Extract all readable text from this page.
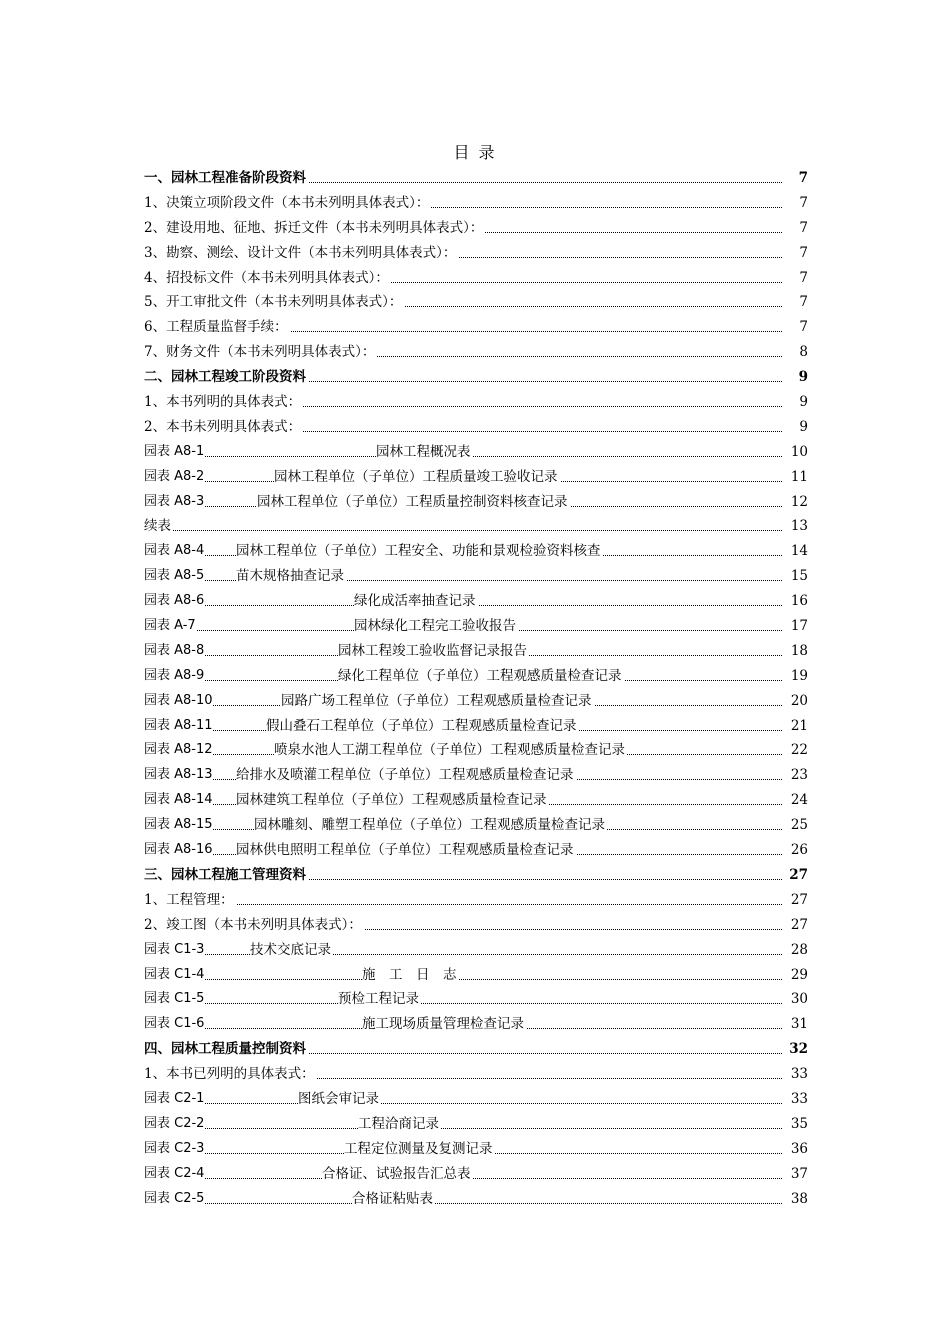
目 录
一、园林工程准备阶段资料	7
1、决策立项阶段文件（本书未列明具体表式）：	7
2、建设用地、征地、拆迁文件（本书未列明具体表式）：	7
3、勘察、测绘、设计文件（本书未列明具体表式）：	7
4、招投标文件（本书未列明具体表式）：	7
5、开工审批文件（本书未列明具体表式）：	7
6、工程质量监督手续：	7
7、财务文件（本书未列明具体表式）：	8
二、园林工程竣工阶段资料	9
1、本书列明的具体表式：	9
2、本书未列明具体表式：	9
园表 A8-1	园林工程概况表	10
园表 A8-2	园林工程单位（子单位）工程质量竣工验收记录	11
园表 A8-3	园林工程单位（子单位）工程质量控制资料核查记录	12
续表	13
园表 A8-4 园林工程单位（子单位）工程安全、功能和景观检验资料核查	14
园表 A8-5 苗木规格抽查记录	15
园表 A8-6	绿化成活率抽查记录	16
园表 A-7	园林绿化工程完工验收报告	17
园表 A8-8	园林工程竣工验收监督记录报告	18
园表 A8-9	绿化工程单位（子单位）工程观感质量检查记录	19
园表 A8-10	园路广场工程单位（子单位）工程观感质量检查记录	20
园表 A8-11	假山叠石工程单位（子单位）工程观感质量检查记录	21
园表 A8-12	喷泉水池人工湖工程单位（子单位）工程观感质量检查记录	22
园表 A8-13 给排水及喷灌工程单位（子单位）工程观感质量检查记录	23
园表 A8-14 园林建筑工程单位（子单位）工程观感质量检查记录	24
园表 A8-15	园林雕刻、雕塑工程单位（子单位）工程观感质量检查记录	25
园表 A8-16 园林供电照明工程单位（子单位）工程观感质量检查记录	26
三、园林工程施工管理资料	27
1、工程管理：	27
2、竣工图（本书未列明具体表式）：	27
园表 C1-3	技术交底记录	28
园表 C1-4	施　工　日　志	29
园表 C1-5	预检工程记录	30
园表 C1-6	施工现场质量管理检查记录	31
四、园林工程质量控制资料	32
1、本书已列明的具体表式：	33
园表 C2-1	图纸会审记录	33
园表 C2-2	工程洽商记录	35
园表 C2-3	工程定位测量及复测记录	36
园表 C2-4	合格证、试验报告汇总表	37
园表 C2-5	合格证粘贴表	38
